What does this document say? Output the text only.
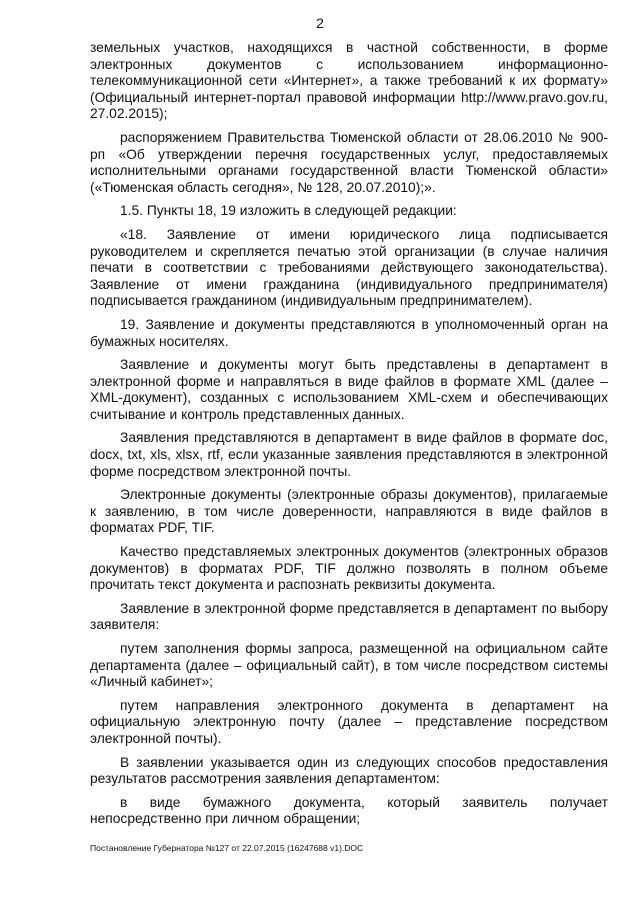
2

земельных участков, находящихся в частной собственности, в форме электронных документов с использованием информационно-телекоммуникационной сети «Интернет», а также требований к их формату» (Официальный интернет-портал правовой информации http://www.pravo.gov.ru, 27.02.2015);

распоряжением Правительства Тюменской области от 28.06.2010 № 900-рп «Об утверждении перечня государственных услуг, предоставляемых исполнительными органами государственной власти Тюменской области» («Тюменская область сегодня», № 128, 20.07.2010);».

1.5. Пункты 18, 19 изложить в следующей редакции:

«18. Заявление от имени юридического лица подписывается руководителем и скрепляется печатью этой организации (в случае наличия печати в соответствии с требованиями действующего законодательства). Заявление от имени гражданина (индивидуального предпринимателя) подписывается гражданином (индивидуальным предпринимателем).

19. Заявление и документы представляются в уполномоченный орган на бумажных носителях.

Заявление и документы могут быть представлены в департамент в электронной форме и направляться в виде файлов в формате XML (далее – XML-документ), созданных с использованием XML-схем и обеспечивающих считывание и контроль представленных данных.

Заявления представляются в департамент в виде файлов в формате doc, docx, txt, xls, xlsx, rtf, если указанные заявления представляются в электронной форме посредством электронной почты.

Электронные документы (электронные образы документов), прилагаемые к заявлению, в том числе доверенности, направляются в виде файлов в форматах PDF, TIF.

Качество представляемых электронных документов (электронных образов документов) в форматах PDF, TIF должно позволять в полном объеме прочитать текст документа и распознать реквизиты документа.

Заявление в электронной форме представляется в департамент по выбору заявителя:

путем заполнения формы запроса, размещенной на официальном сайте департамента (далее – официальный сайт), в том числе посредством системы «Личный кабинет»;

путем направления электронного документа в департамент на официальную электронную почту (далее – представление посредством электронной почты).

В заявлении указывается один из следующих способов предоставления результатов рассмотрения заявления департаментом:

в виде бумажного документа, который заявитель получает непосредственно при личном обращении;

Постановление Губернатора №127 от 22.07.2015 (16247688 v1).DOC
